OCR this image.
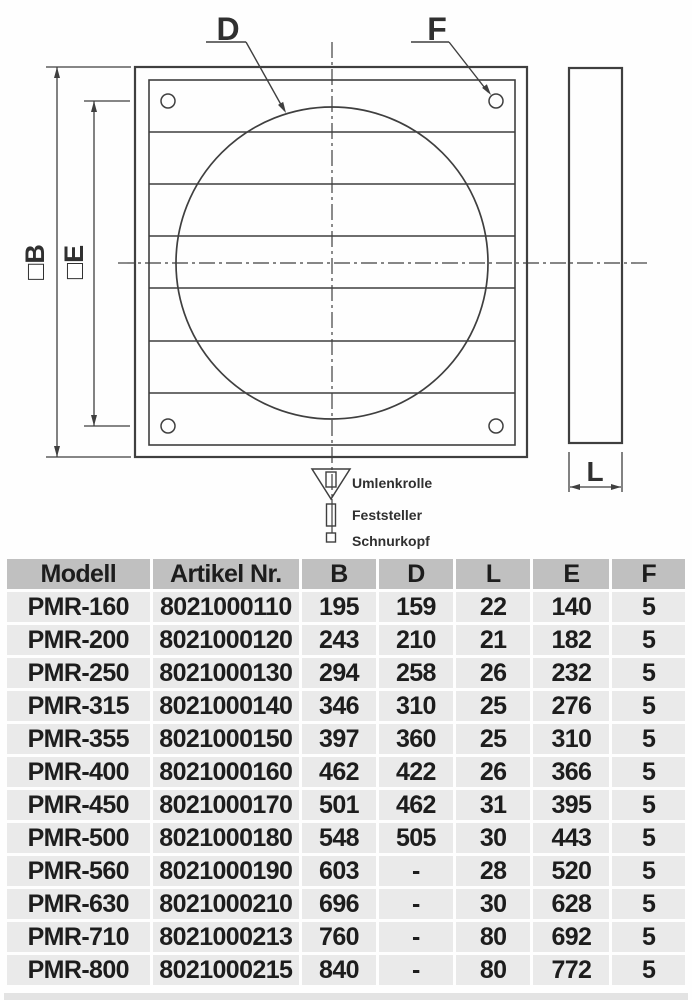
D	F
□B □E
L
Umlenkrolle
Feststeller
Schnurkopf
Modell	Artikel Nr.	B	D	L	E	F
PMR-160	8021000110	195	159	22	140	5
PMR-200	8021000120	243	210	21	182	5
PMR-250	8021000130	294	258	26	232	5
PMR-315	8021000140	346	310	25	276	5
PMR-355	8021000150	397	360	25	310	5
PMR-400	8021000160	462	422	26	366	5
PMR-450	8021000170	501	462	31	395	5
PMR-500	8021000180	548	505	30	443	5
PMR-560	8021000190	603	-	28	520	5
PMR-630	8021000210	696	-	30	628	5
PMR-710	8021000213	760	-	80	692	5
PMR-800	8021000215	840	-	80	772	5
